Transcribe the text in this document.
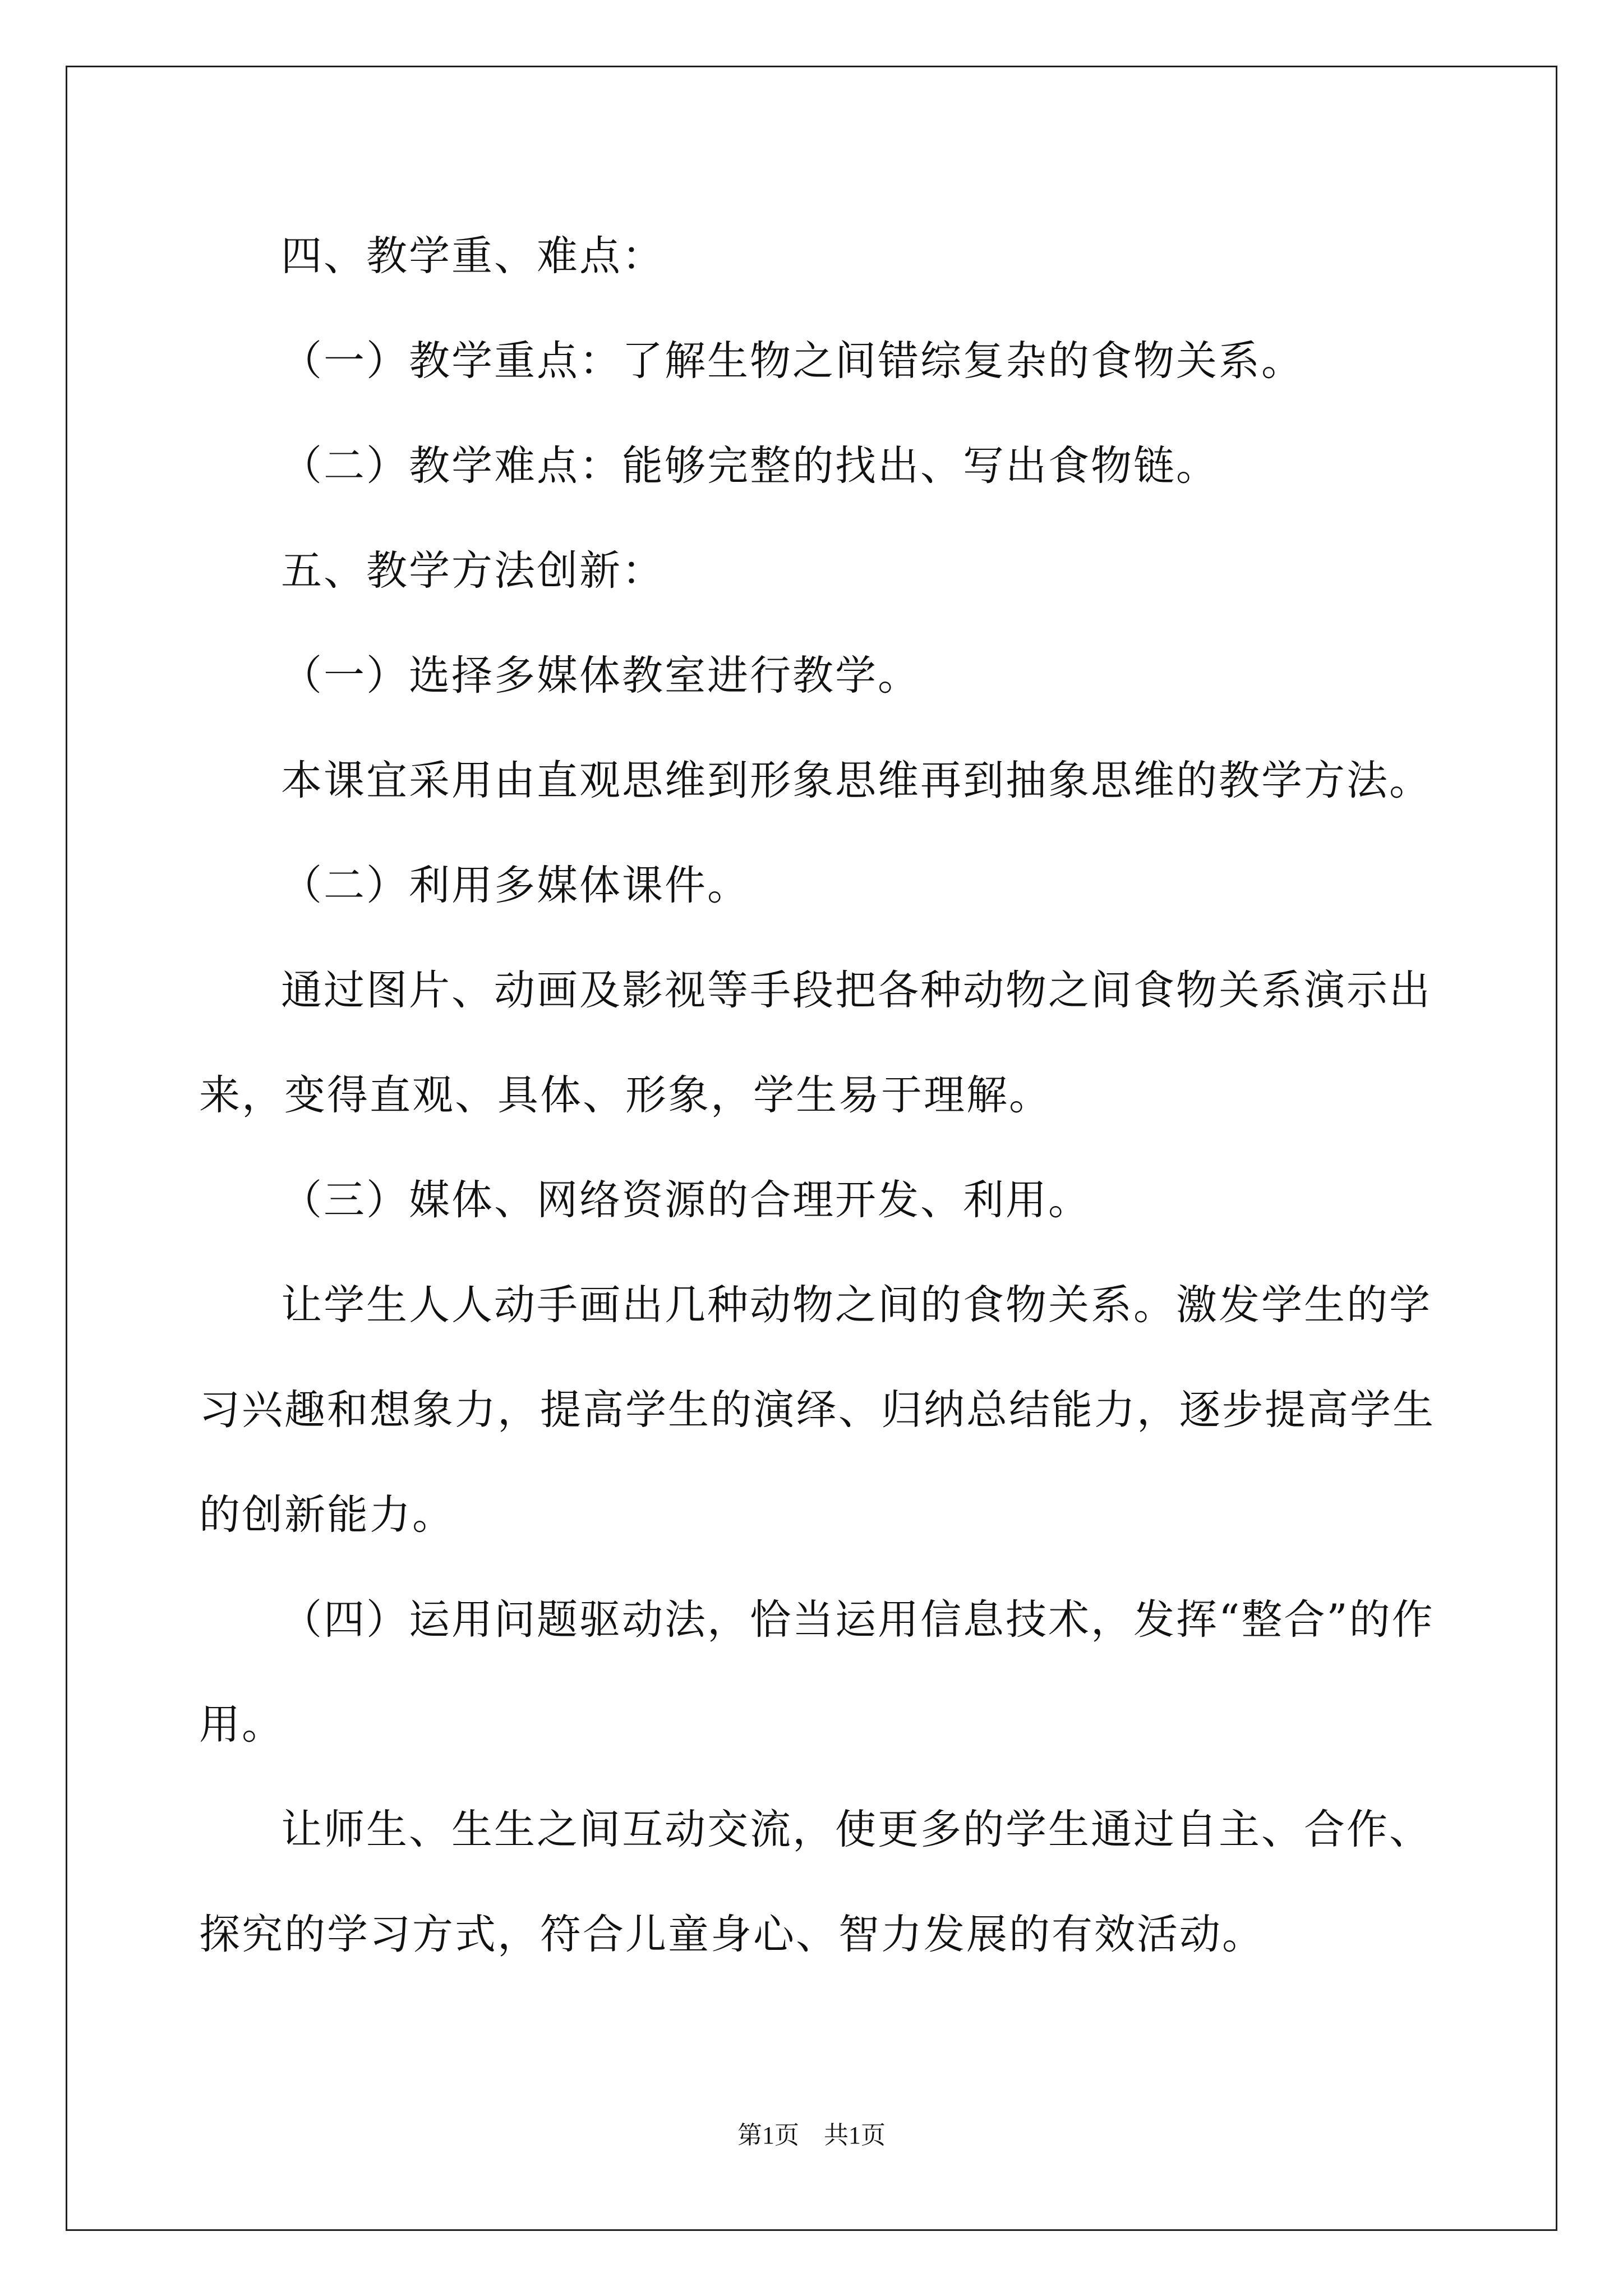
四、教学重、难点：

（一）教学重点：了解生物之间错综复杂的食物关系。

（二）教学难点：能够完整的找出、写出食物链。

五、教学方法创新：

（一）选择多媒体教室进行教学。

本课宜采用由直观思维到形象思维再到抽象思维的教学方法。

（二）利用多媒体课件。

通过图片、动画及影视等手段把各种动物之间食物关系演示出来，变得直观、具体、形象，学生易于理解。

（三）媒体、网络资源的合理开发、利用。

让学生人人动手画出几种动物之间的食物关系。激发学生的学习兴趣和想象力，提高学生的演绎、归纳总结能力，逐步提高学生的创新能力。

（四）运用问题驱动法，恰当运用信息技术，发挥“整合”的作用。

让师生、生生之间互动交流，使更多的学生通过自主、合作、探究的学习方式，符合儿童身心、智力发展的有效活动。

第1页　共1页
